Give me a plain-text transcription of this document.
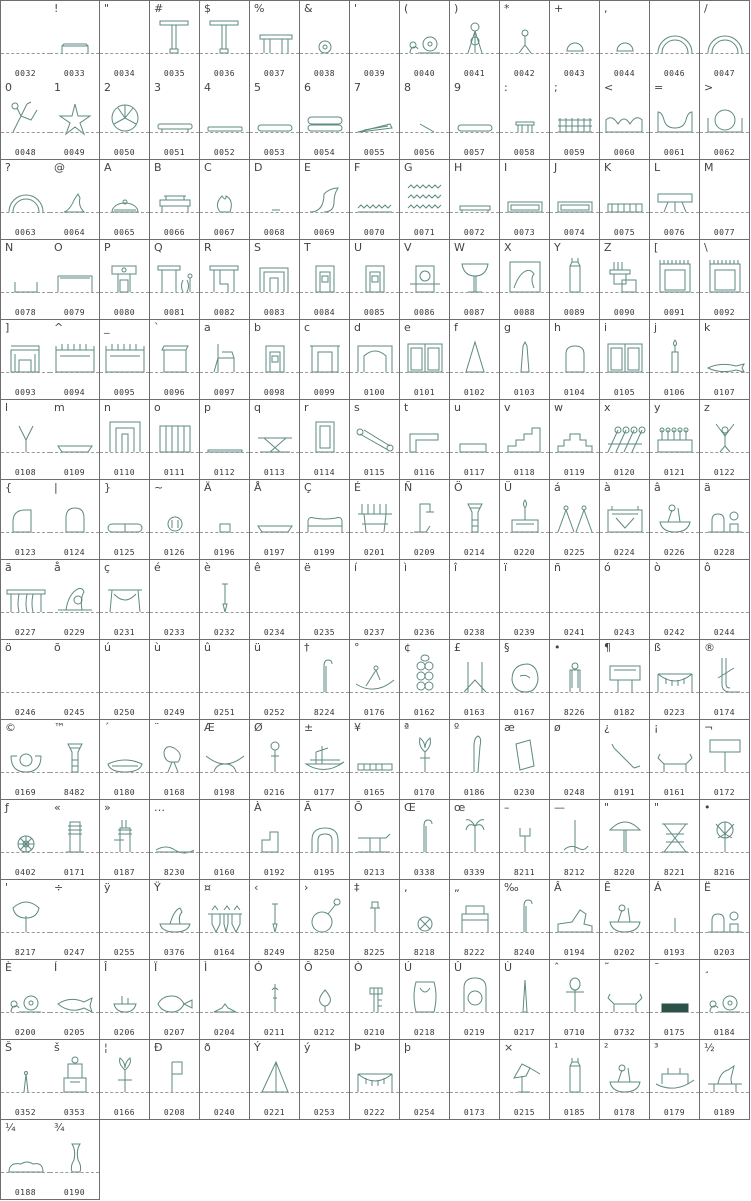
0032
!
0033
"
0034
#
0035
$
0036
%
0037
&
0038
'
0039
(
0040
)
0041
*
0042
+
0043
,
0044	0046
/
0047
0
0048
1
0049
2
0050
3
0051
4
0052
5
0053
6
0054
7
0055
8
0056
9
0057
:
0058
;
0059
<
0060
=
0061
>
0062
?
0063
@
0064
A
0065
B
0066
C
0067
D
0068
E
0069
F
0070
G
0071
H
0072
I
0073
J
0074
K
0075
L
0076
M
0077
N
0078
O
0079
P
0080
Q
0081
R
0082
S
0083
T
0084
U
0085
V
0086
W
0087
X
0088
Y
0089
Z
0090
[
0091
\
0092
]
0093
^
0094
_
0095
`
0096
a
0097
b
0098
c
0099
d
0100
e
0101
f
0102
g
0103
h
0104
i
0105
j
0106
k
0107
l
0108
m
0109
n
0110
o
0111
p
0112
q
0113
r
0114
s
0115
t
0116
u
0117
v
0118
w
0119
x
0120
y
0121
z
0122
{
0123
|
0124
}
0125
~
0126
Ä
0196
Å
0197
Ç
0199
É
0201
Ñ
0209
Ö
0214
Ü
0220
á
0225
à
0224
â
0226
ä
0228
ã
0227
å
0229
ç
0231
é
0233
è
0232
ê
0234
ë
0235
í
0237
ì
0236
î
0238
ï
0239
ñ
0241
ó
0243
ò
0242
ô
0244
ö
0246
õ
0245
ú
0250
ù
0249
û
0251
ü
0252
†
8224
°
0176
¢
0162
£
0163
§
0167
•
8226
¶
0182
ß
0223
®
0174
©
0169
™
8482
´
0180
¨
0168
Æ
0198
Ø
0216
±
0177
¥
0165
ª
0170
º
0186
æ
0230
ø
0248
¿
0191
¡
0161
¬
0172
ƒ
0402
«
0171
»
0187
…
8230	0160
À
0192
Ã
0195
Õ
0213
Œ
0338
œ
0339
–
8211
—
8212
"
8220
"
8221
•
8216
'
8217
÷
0247
ÿ
0255
Ÿ
0376
¤
0164
‹
8249
›
8250
‡
8225
‚
8218
„
8222
‰
8240
Â
0194
Ê
0202
Á
0193
Ë
0203
È
0200
Í
0205
Î
0206
Ï
0207
Ì
0204
Ó
0211
Ô
0212
Ò
0210
Ú
0218
Û
0219
Ù
0217
ˆ
0710
˜
0732
¯
0175
¸
0184
Š
0352
š
0353
¦
0166
Ð
0208
ð
0240
Ý
0221
ý
0253
Þ
0222
þ
0254	0173
×
0215
¹
0185
²
0178
³
0179
½
0189
¼
0188
¾
0190
